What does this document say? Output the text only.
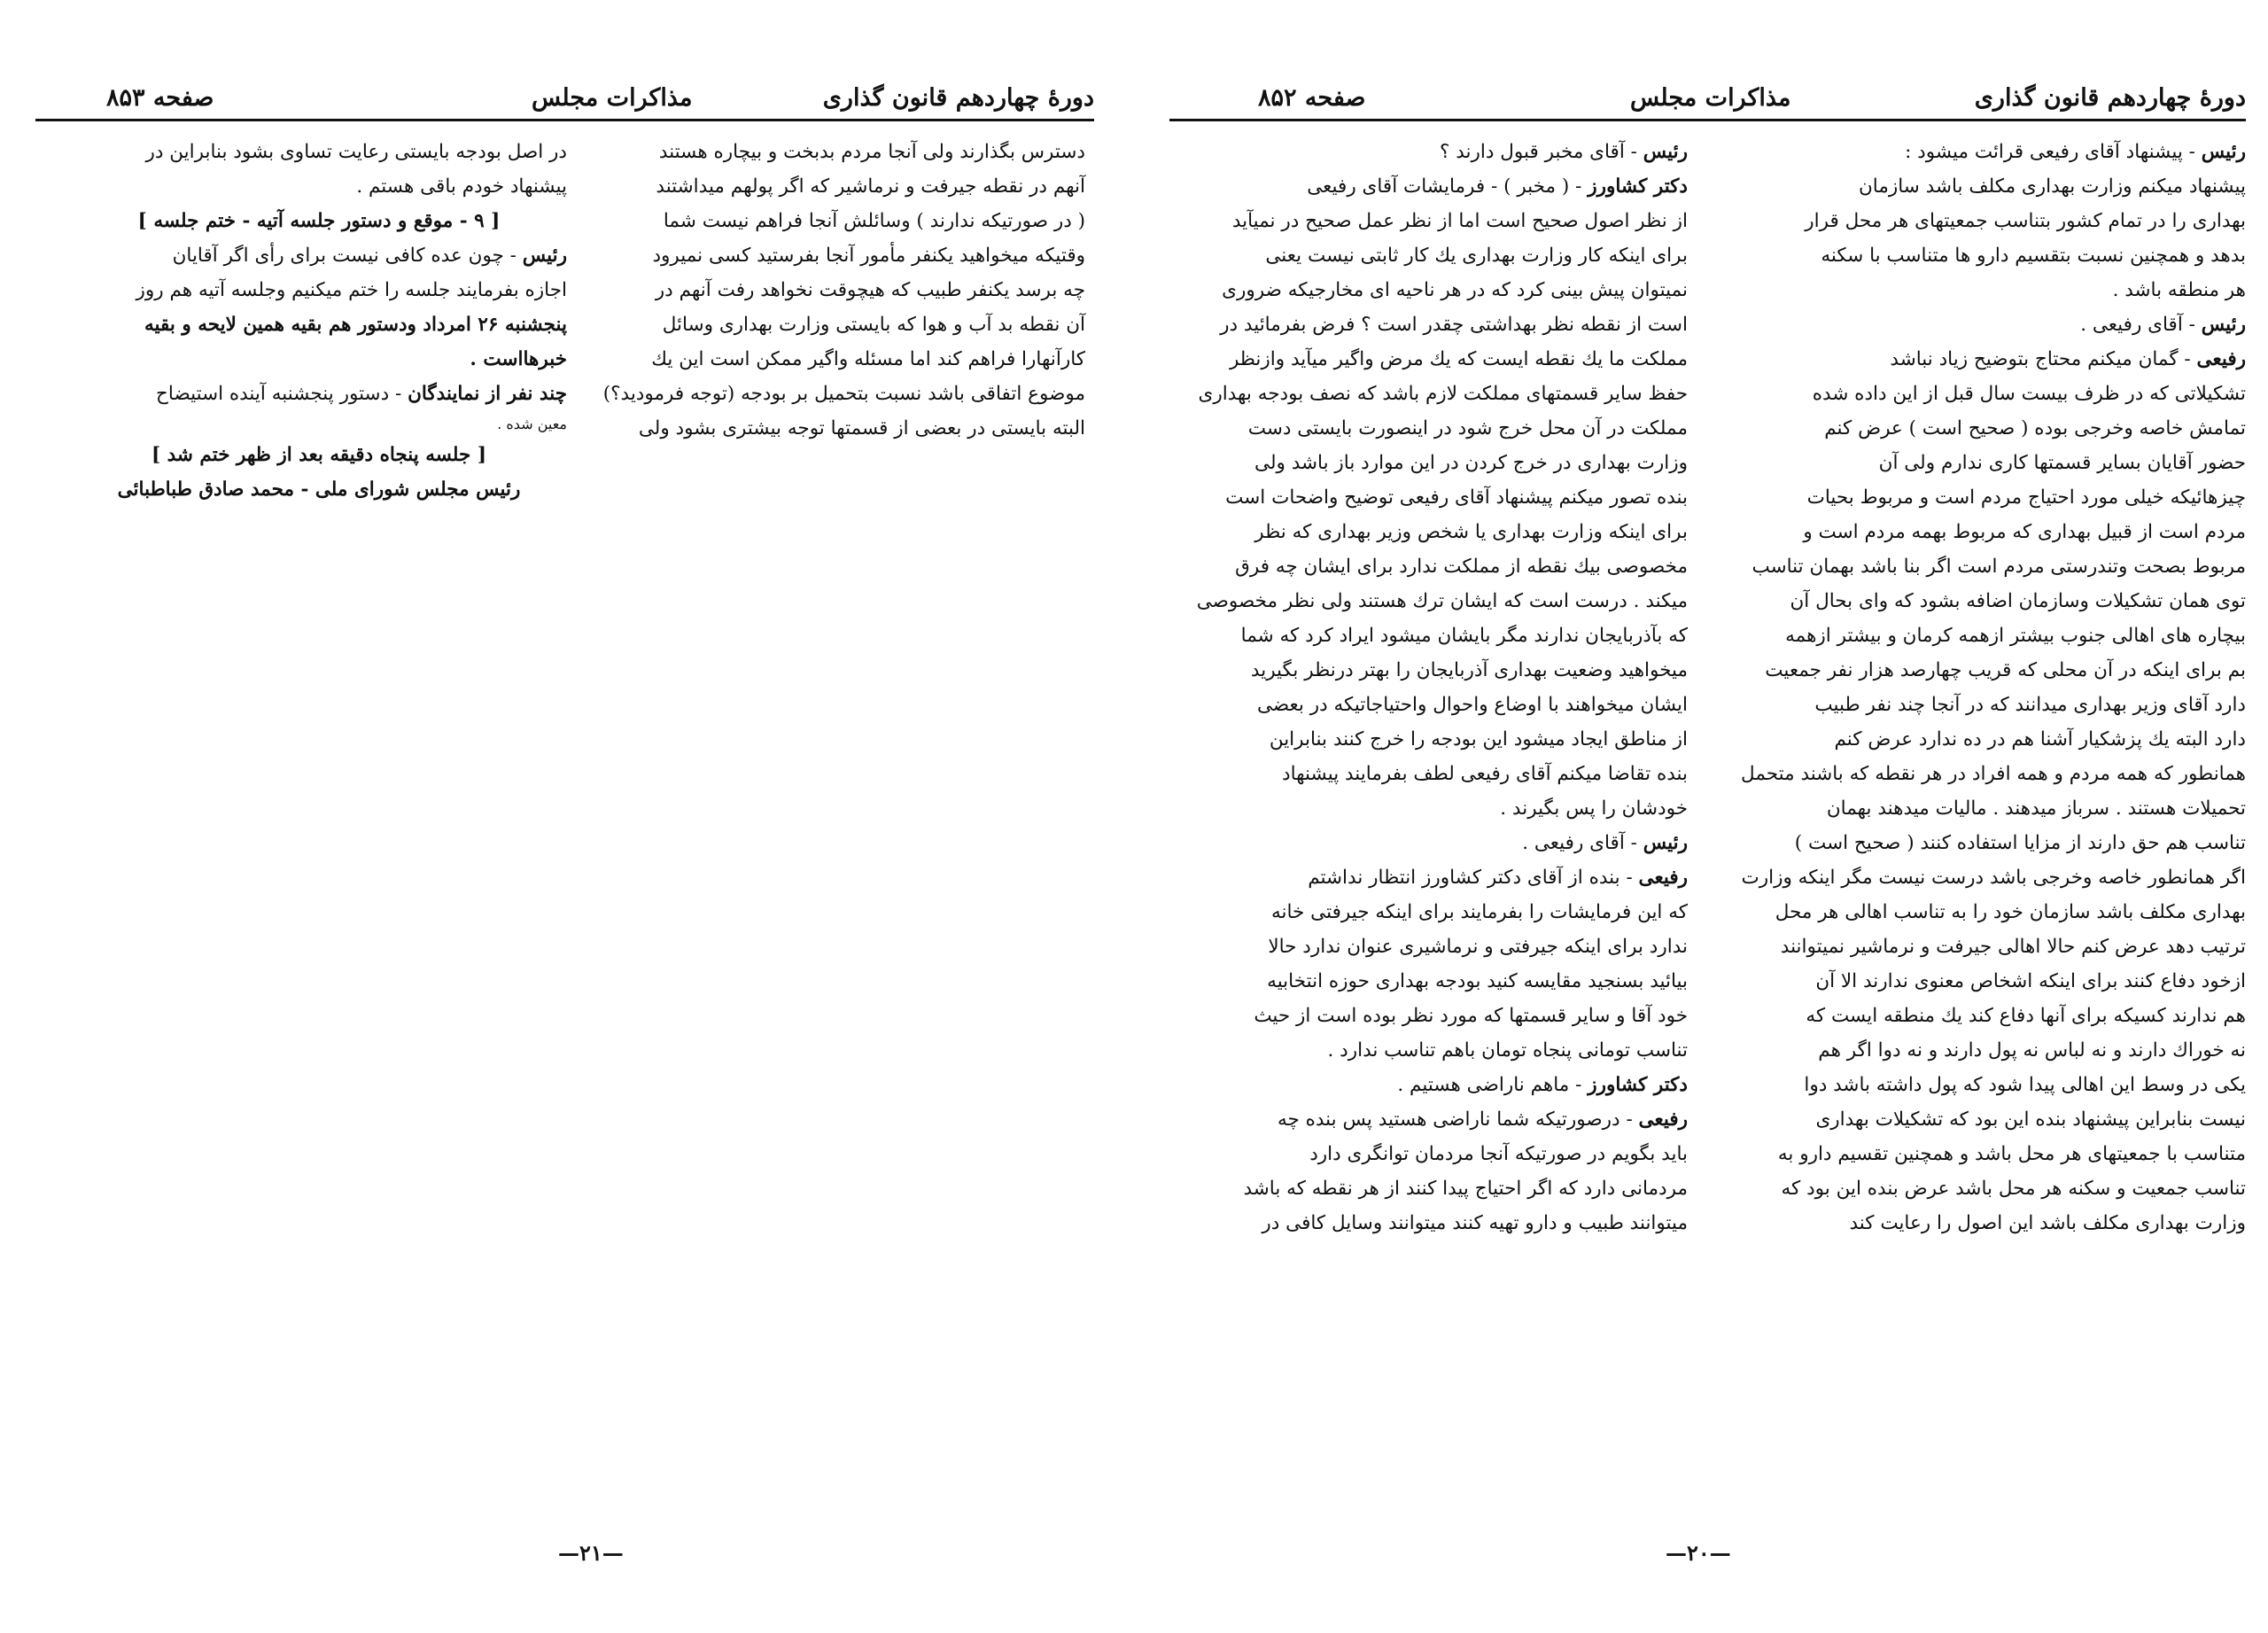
صفحه ۸۵۳	مذاکرات مجلس	دورهٔ چهاردهم قانون گذاری

دسترس بگذارند ولی آنجا مردم بدبخت و بیچاره هستند

آنهم در نقطه جیرفت و نرماشیر که اگر پولهم میداشتند

( در صورتیکه ندارند ) وسائلش آنجا فراهم نیست شما

وقتیکه میخواهید یکنفر مأمور آنجا بفرستید کسی نمیرود

چه برسد یکنفر طبیب که هیچوقت نخواهد رفت آنهم در

آن نقطه بد آب و هوا که بایستی وزارت بهداری وسائل

کارآنهارا فراهم کند اما مسئله واگیر ممکن است این یك

موضوع اتفاقی باشد نسبت بتحمیل بر بودجه (توجه فرمودید؟)

البته بایستی در بعضی از قسمتها توجه بیشتری بشود ولی

در اصل بودجه بایستی رعایت تساوی بشود بنابراین در

پیشنهاد خودم باقی هستم .

[ ۹ - موقع و دستور جلسه آتیه - ختم جلسه ]

رئیس - چون عده کافی نیست برای رأی اگر آقایان

اجازه بفرمایند جلسه را ختم میکنیم وجلسه آتیه هم روز

پنجشنبه ۲۶ امرداد ودستور هم بقیه همین لایحه و بقیه

خبرهااست .

چند نفر از نمایندگان - دستور پنجشنبه آینده استیضاح

معین شده .

[ جلسه پنجاه دقیقه بعد از ظهر ختم شد ]

رئیس مجلس شورای ملی - محمد صادق طباطبائی

—۲۱—
صفحه ۸۵۲	مذاکرات مجلس	دورهٔ چهاردهم قانون گذاری

رئیس - پیشنهاد آقای رفیعی قرائت میشود :

پیشنهاد میکنم وزارت بهداری مکلف باشد سازمان

بهداری را در تمام کشور بتناسب جمعیتهای هر محل قرار

بدهد و همچنین نسبت بتقسیم دارو ها متناسب با سکنه

هر منطقه باشد .

رئیس - آقای رفیعی .

رفیعی - گمان میکنم محتاج بتوضیح زیاد نباشد

تشکیلاتی که در ظرف بیست سال قبل از این داده شده

تمامش خاصه وخرجی بوده ( صحیح است ) عرض کنم

حضور آقایان بسایر قسمتها کاری ندارم ولی آن

چیزهائیکه خیلی مورد احتیاج مردم است و مربوط بحیات

مردم است از قبیل بهداری که مربوط بهمه مردم است و

مربوط بصحت وتندرستی مردم است اگر بنا باشد بهمان تناسب

توی همان تشکیلات وسازمان اضافه بشود که وای بحال آن

بیچاره های اهالی جنوب بیشتر ازهمه کرمان و بیشتر ازهمه

بم برای اینکه در آن محلی که قریب چهارصد هزار نفر جمعیت

دارد آقای وزیر بهداری میدانند که در آنجا چند نفر طبیب

دارد البته یك پزشکیار آشنا هم در ده ندارد عرض کنم

همانطور که همه مردم و همه افراد در هر نقطه که باشند متحمل

تحمیلات هستند . سرباز میدهند . مالیات میدهند بهمان

تناسب هم حق دارند از مزایا استفاده کنند ( صحیح است )

اگر همانطور خاصه وخرجی باشد درست نیست مگر اینکه وزارت

بهداری مکلف باشد سازمان خود را به تناسب اهالی هر محل

ترتیب دهد عرض کنم حالا اهالی جیرفت و نرماشیر نمیتوانند

ازخود دفاع کنند برای اینکه اشخاص معنوی ندارند الا آن

هم ندارند کسیکه برای آنها دفاع کند یك منطقه ایست که

نه خوراك دارند و نه لباس نه پول دارند و نه دوا اگر هم

یکی در وسط این اهالی پیدا شود که پول داشته باشد دوا

نیست بنابراین پیشنهاد بنده این بود که تشکیلات بهداری

متناسب با جمعیتهای هر محل باشد و همچنین تقسیم دارو به

تناسب جمعیت و سکنه هر محل باشد عرض بنده این بود که

وزارت بهداری مکلف باشد این اصول را رعایت کند

رئیس - آقای مخبر قبول دارند ؟

دکتر کشاورز - ( مخبر ) - فرمایشات آقای رفیعی

از نظر اصول صحیح است اما از نظر عمل صحیح در نمیآید

برای اینکه کار وزارت بهداری یك کار ثابتی نیست یعنی

نمیتوان پیش بینی کرد که در هر ناحیه ای مخارجیکه ضروری

است از نقطه نظر بهداشتی چقدر است ؟ فرض بفرمائید در

مملکت ما یك نقطه ایست که یك مرض واگیر میآید وازنظر

حفظ سایر قسمتهای مملکت لازم باشد که نصف بودجه بهداری

مملکت در آن محل خرج شود در اینصورت بایستی دست

وزارت بهداری در خرج کردن در این موارد باز باشد ولی

بنده تصور میکنم پیشنهاد آقای رفیعی توضیح واضحات است

برای اینکه وزارت بهداری یا شخص وزیر بهداری که نظر

مخصوصی بیك نقطه از مملکت ندارد برای ایشان چه فرق

میکند . درست است که ایشان ترك هستند ولی نظر مخصوصی

که بآذربایجان ندارند مگر بایشان میشود ایراد کرد که شما

میخواهید وضعیت بهداری آذربایجان را بهتر درنظر بگیرید

ایشان میخواهند با اوضاع واحوال واحتیاجاتیکه در بعضی

از مناطق ایجاد میشود این بودجه را خرج کنند بنابراین

بنده تقاضا میکنم آقای رفیعی لطف بفرمایند پیشنهاد

خودشان را پس بگیرند .

رئیس - آقای رفیعی .

رفیعی - بنده از آقای دکتر کشاورز انتظار نداشتم

که این فرمایشات را بفرمایند برای اینکه جیرفتی خانه

ندارد برای اینکه جیرفتی و نرماشیری عنوان ندارد حالا

بیائید بسنجید مقایسه کنید بودجه بهداری حوزه انتخابیه

خود آقا و سایر قسمتها که مورد نظر بوده است از حیث

تناسب تومانی پنجاه تومان باهم تناسب ندارد .

دکتر کشاورز - ماهم ناراضی هستیم .

رفیعی - درصورتیکه شما ناراضی هستید پس بنده چه

باید بگویم در صورتیکه آنجا مردمان توانگری دارد

مردمانی دارد که اگر احتیاج پیدا کنند از هر نقطه که باشد

میتوانند طبیب و دارو تهیه کنند میتوانند وسایل کافی در

—۲۰—
